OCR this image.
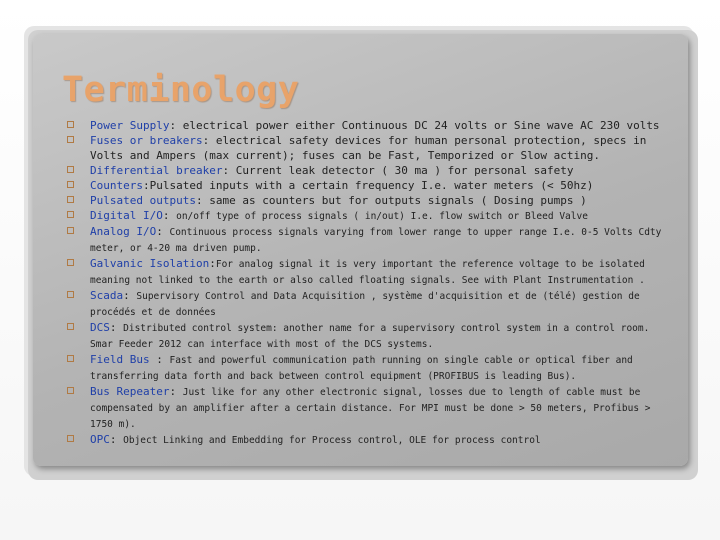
Terminology
Power Supply: electrical power either Continuous DC 24 volts or Sine wave AC 230 volts
Fuses or breakers: electrical safety devices for human personal protection, specs in Volts and Ampers (max current); fuses can be Fast, Temporized or Slow acting.
Differential breaker: Current leak detector ( 30 ma ) for personal safety
Counters:Pulsated inputs with a certain frequency I.e. water meters (< 50hz)
Pulsated outputs: same as counters but for outputs signals ( Dosing pumps )
Digital I/O: on/off type of process signals ( in/out) I.e. flow switch or Bleed Valve
Analog I/O: Continuous process signals varying from lower range to upper range I.e. 0-5 Volts Cdty meter, or 4-20 ma driven pump.
Galvanic Isolation:For analog signal it is very important the reference voltage to be isolated meaning not linked to the earth or also called floating signals. See with Plant Instrumentation .
Scada: Supervisory Control and Data Acquisition , système d'acquisition et de (télé) gestion de procédés et de données
DCS: Distributed control system: another name for a supervisory control system in a control room. Smar Feeder 2012 can interface with most of the DCS systems.
Field Bus : Fast and powerful communication path running on single cable or optical fiber and transferring data forth and back between control equipment (PROFIBUS is leading Bus).
Bus Repeater: Just like for any other electronic signal, losses due to length of cable must be compensated by an amplifier after a certain distance. For MPI must be done > 50 meters, Profibus > 1750 m).
OPC: Object Linking and Embedding for Process control, OLE for process control
